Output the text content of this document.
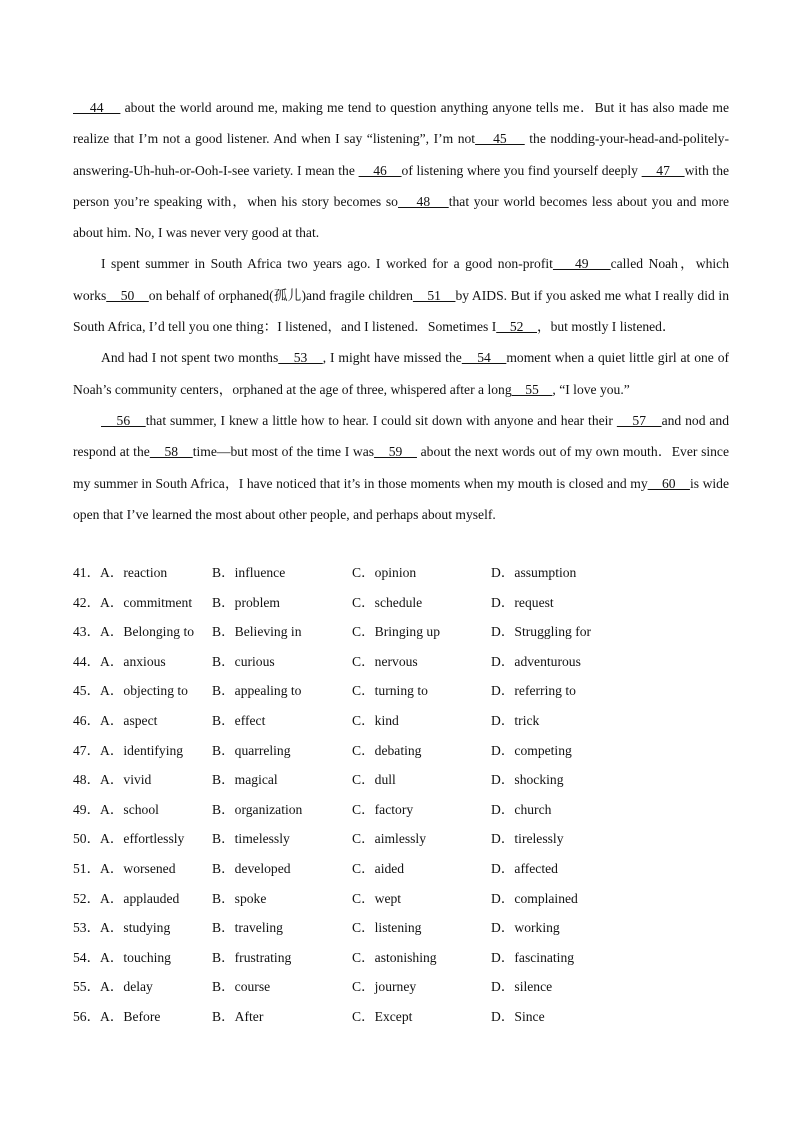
44     about the world around me, making me tend to question anything anyone tells me．But it has also made me realize that I’m not a good listener. And when I say “listening”, I’m not    45     the nodding-your-head-and-politely-answering-Uh-huh-or-Ooh-I-see variety. I mean the     46    of listening where you find yourself deeply     47    with the person you’re speaking with，when his story becomes so    48    that your world becomes less about you and more about him. No, I was never very good at that.

I spent summer in South Africa two years ago. I worked for a good non-profit    49    called Noah，which works    50    on behalf of orphaned(孤儿)and fragile children    51    by AIDS. But if you asked me what I really did in South Africa, I’d tell you one thing：I listened，and I listened．Sometimes I    52    ，but mostly I listened．

And had I not spent two months    53    , I might have missed the    54    moment when a quiet little girl at one of Noah’s community centers，orphaned at the age of three, whispered after a long    55    , “I love you.”

56    that summer, I knew a little how to hear. I could sit down with anyone and hear their     57    and nod and respond at the    58    time—but most of the time I was    59     about the next words out of my own mouth．Ever since my summer in South Africa，I have noticed that it’s in those moments when my mouth is closed and my    60    is wide open that I’ve learned the most about other people, and perhaps about myself.

41． A．reaction	B．influence	C．opinion	D．assumption
42． A．commitment B．problem	C．schedule	D．request
43． A．Belonging to B．Believing in	C．Bringing up	D．Struggling for
44． A．anxious	B．curious	C．nervous	D．adventurous
45． A．objecting to B．appealing to	C．turning to	D．referring to
46． A．aspect	B．effect	C．kind	D．trick
47． A．identifying B．quarreling	C．debating	D．competing
48． A．vivid	B．magical	C．dull	D．shocking
49． A．school	B．organization	C．factory	D．church
50． A．effortlessly B．timelessly	C．aimlessly	D．tirelessly
51． A．worsened	B．developed	C．aided	D．affected
52． A．applauded B．spoke	C．wept	D．complained
53． A．studying	B．traveling	C．listening	D．working
54． A．touching	B．frustrating	C．astonishing	D．fascinating
55． A．delay	B．course	C．journey	D．silence
56． A．Before	B．After	C．Except	D．Since
